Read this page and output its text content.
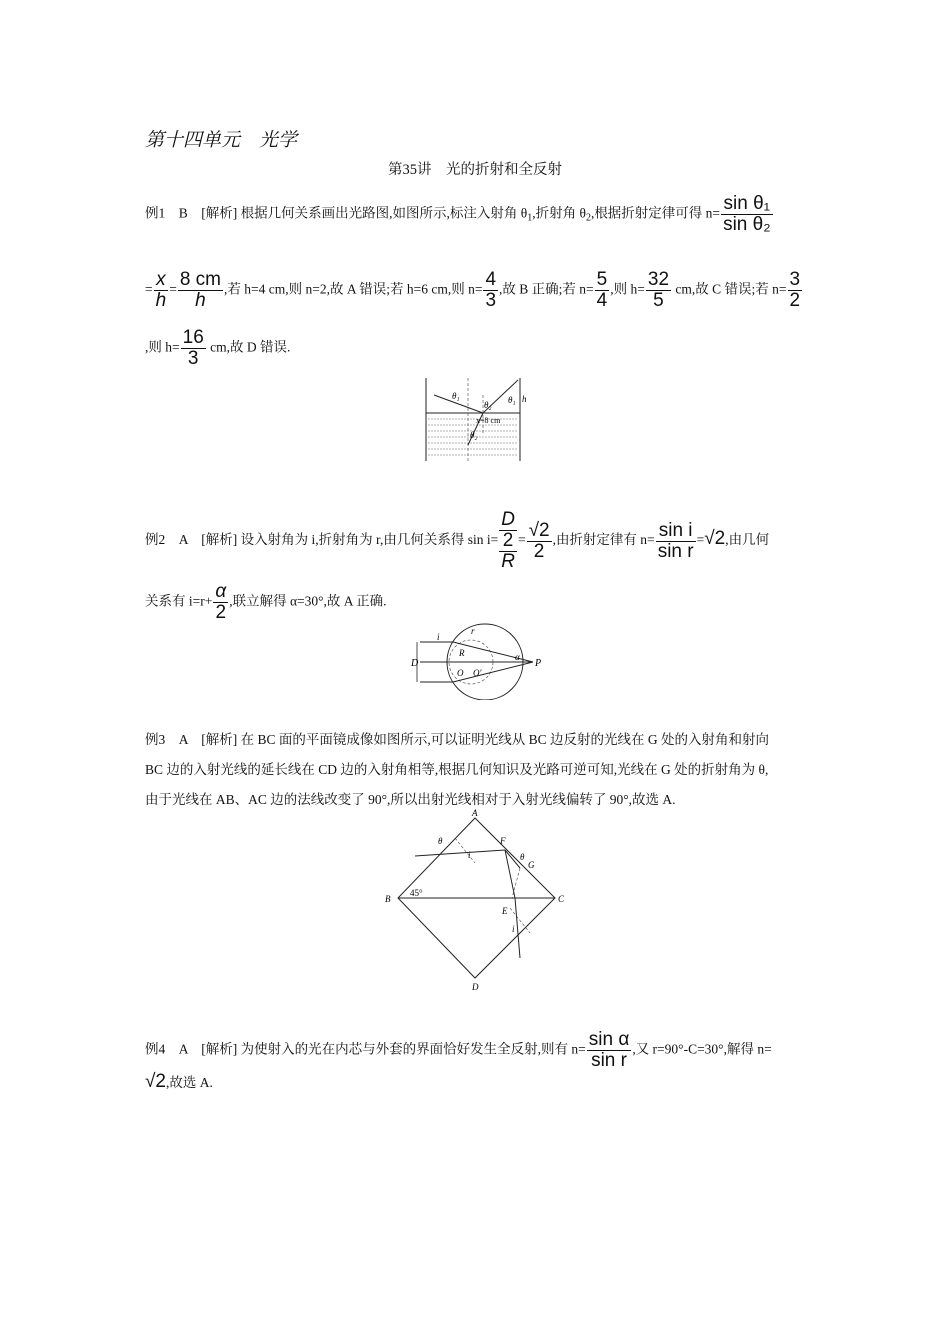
第十四单元　光学
第35讲　光的折射和全反射
例1　B　[解析] 根据几何关系画出光路图,如图所示,标注入射角 $\theta_1$,折射角 $\theta_2$,根据折射定律可得 $n= \frac{\text{sin θ₁}}{\text{sin θ₂}}$
= $\frac{x}{h} = \frac{8 cm}{h}$ ,若 h=4 cm,则 n=2,故 A 错误;若 h=6 cm,则 $n= \frac{4}{3}$ ,故 B 正确;若 $n= \frac{5}{4}$ ,则 $h= \frac{32}{5}$ cm,故 C 错误;若 $n= \frac{3}{2}$
,则 $h= \frac{16}{3}$ cm,故 D 错误.
θ₁
θ₂ θ₁ h
x=8 cm
θ₂
例2　A　[解析] 设入射角为 i,折射角为 r,由几何关系得 sin i=
D
2
R
= $\frac{√2}{2}$ ,由折射定律有 $n= \frac{\text{sin i}}{\text{sin r}} =√2$,由几何
关系有 $i=r+ \frac{\alpha}{2}$ ,联立解得 α=30°,故 A 正确.
D
i
r
R
O O'
α
P
例3　A　[解析] 在 BC 面的平面镜成像如图所示,可以证明光线从 BC 边反射的光线在 G 处的入射角和射向
BC 边的入射光线的延长线在 CD 边的入射角相等,根据几何知识及光路可逆可知,光线在 G 处的折射角为 θ,
由于光线在 AB、AC 边的法线改变了 90°,所以出射光线相对于入射光线偏转了 90°,故选 A.
A
B	C
D
E
F
G
θ
θ
i
i
45°
例4　A　[解析] 为使射入的光在内芯与外套的界面恰好发生全反射,则有 $n= \frac{\text{sin α}}{\text{sin r}}$ ,又 r=90°-C=30°,解得 n=
√2,故选 A.
